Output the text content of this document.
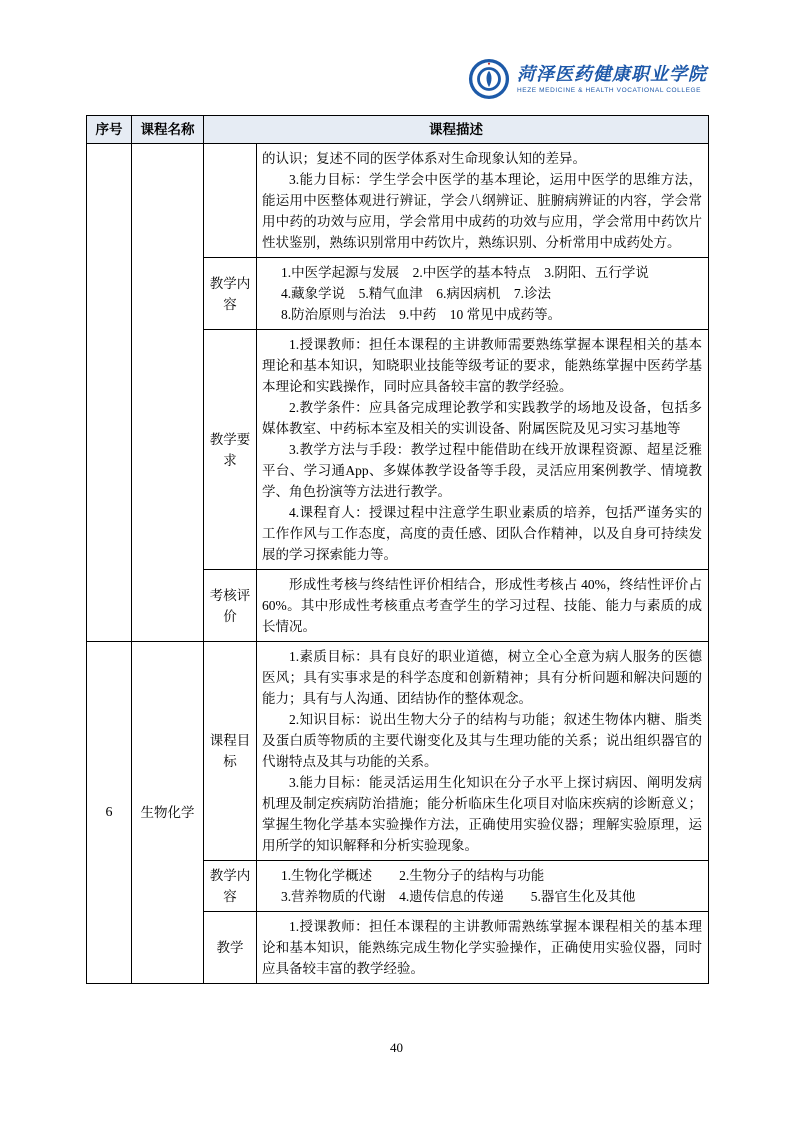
菏泽医药健康职业学院
HEZE MEDICINE & HEALTH VOCATIONAL COLLEGE
序号	课程名称	课程描述	

			的认识；复述不同的医学体系对生命现象认知的差异。

3.能力目标：学生学会中医学的基本理论，运用中医学的思维方法，能运用中医整体观进行辨证，学会八纲辨证、脏腑病辨证的内容，学会常用中药的功效与应用，学会常用中成药的功效与应用，学会常用中药饮片性状鉴别，熟练识别常用中药饮片，熟练识别、分析常用中成药处方。

		教学内容	1.中医学起源与发展　2.中医学的基本特点　3.阴阳、五行学说

4.藏象学说　5.精气血津　6.病因病机　7.诊法

8.防治原则与治法　9.中药　10 常见中成药等。

		教学要求	1.授课教师：担任本课程的主讲教师需要熟练掌握本课程相关的基本理论和基本知识，知晓职业技能等级考证的要求，能熟练掌握中医药学基本理论和实践操作，同时应具备较丰富的教学经验。

2.教学条件：应具备完成理论教学和实践教学的场地及设备，包括多媒体教室、中药标本室及相关的实训设备、附属医院及见习实习基地等

3.教学方法与手段：教学过程中能借助在线开放课程资源、超星泛雅平台、学习通App、多媒体教学设备等手段，灵活应用案例教学、情境教学、角色扮演等方法进行教学。

4.课程育人：授课过程中注意学生职业素质的培养，包括严谨务实的工作作风与工作态度，高度的责任感、团队合作精神，以及自身可持续发展的学习探索能力等。

		考核评价	形成性考核与终结性评价相结合，形成性考核占 40%，终结性评价占 60%。其中形成性考核重点考查学生的学习过程、技能、能力与素质的成长情况。

6	生物化学	课程目标	1.素质目标：具有良好的职业道德，树立全心全意为病人服务的医德医风；具有实事求是的科学态度和创新精神；具有分析问题和解决问题的能力；具有与人沟通、团结协作的整体观念。

2.知识目标：说出生物大分子的结构与功能；叙述生物体内糖、脂类及蛋白质等物质的主要代谢变化及其与生理功能的关系；说出组织器官的代谢特点及其与功能的关系。

3.能力目标：能灵活运用生化知识在分子水平上探讨病因、阐明发病机理及制定疾病防治措施；能分析临床生化项目对临床疾病的诊断意义；掌握生物化学基本实验操作方法，正确使用实验仪器；理解实验原理，运用所学的知识解释和分析实验现象。

		教学内容	1.生物化学概述　　2.生物分子的结构与功能

3.营养物质的代谢　4.遗传信息的传递　　5.器官生化及其他

		教学	1.授课教师：担任本课程的主讲教师需熟练掌握本课程相关的基本理论和基本知识，能熟练完成生物化学实验操作，正确使用实验仪器，同时应具备较丰富的教学经验。

40
